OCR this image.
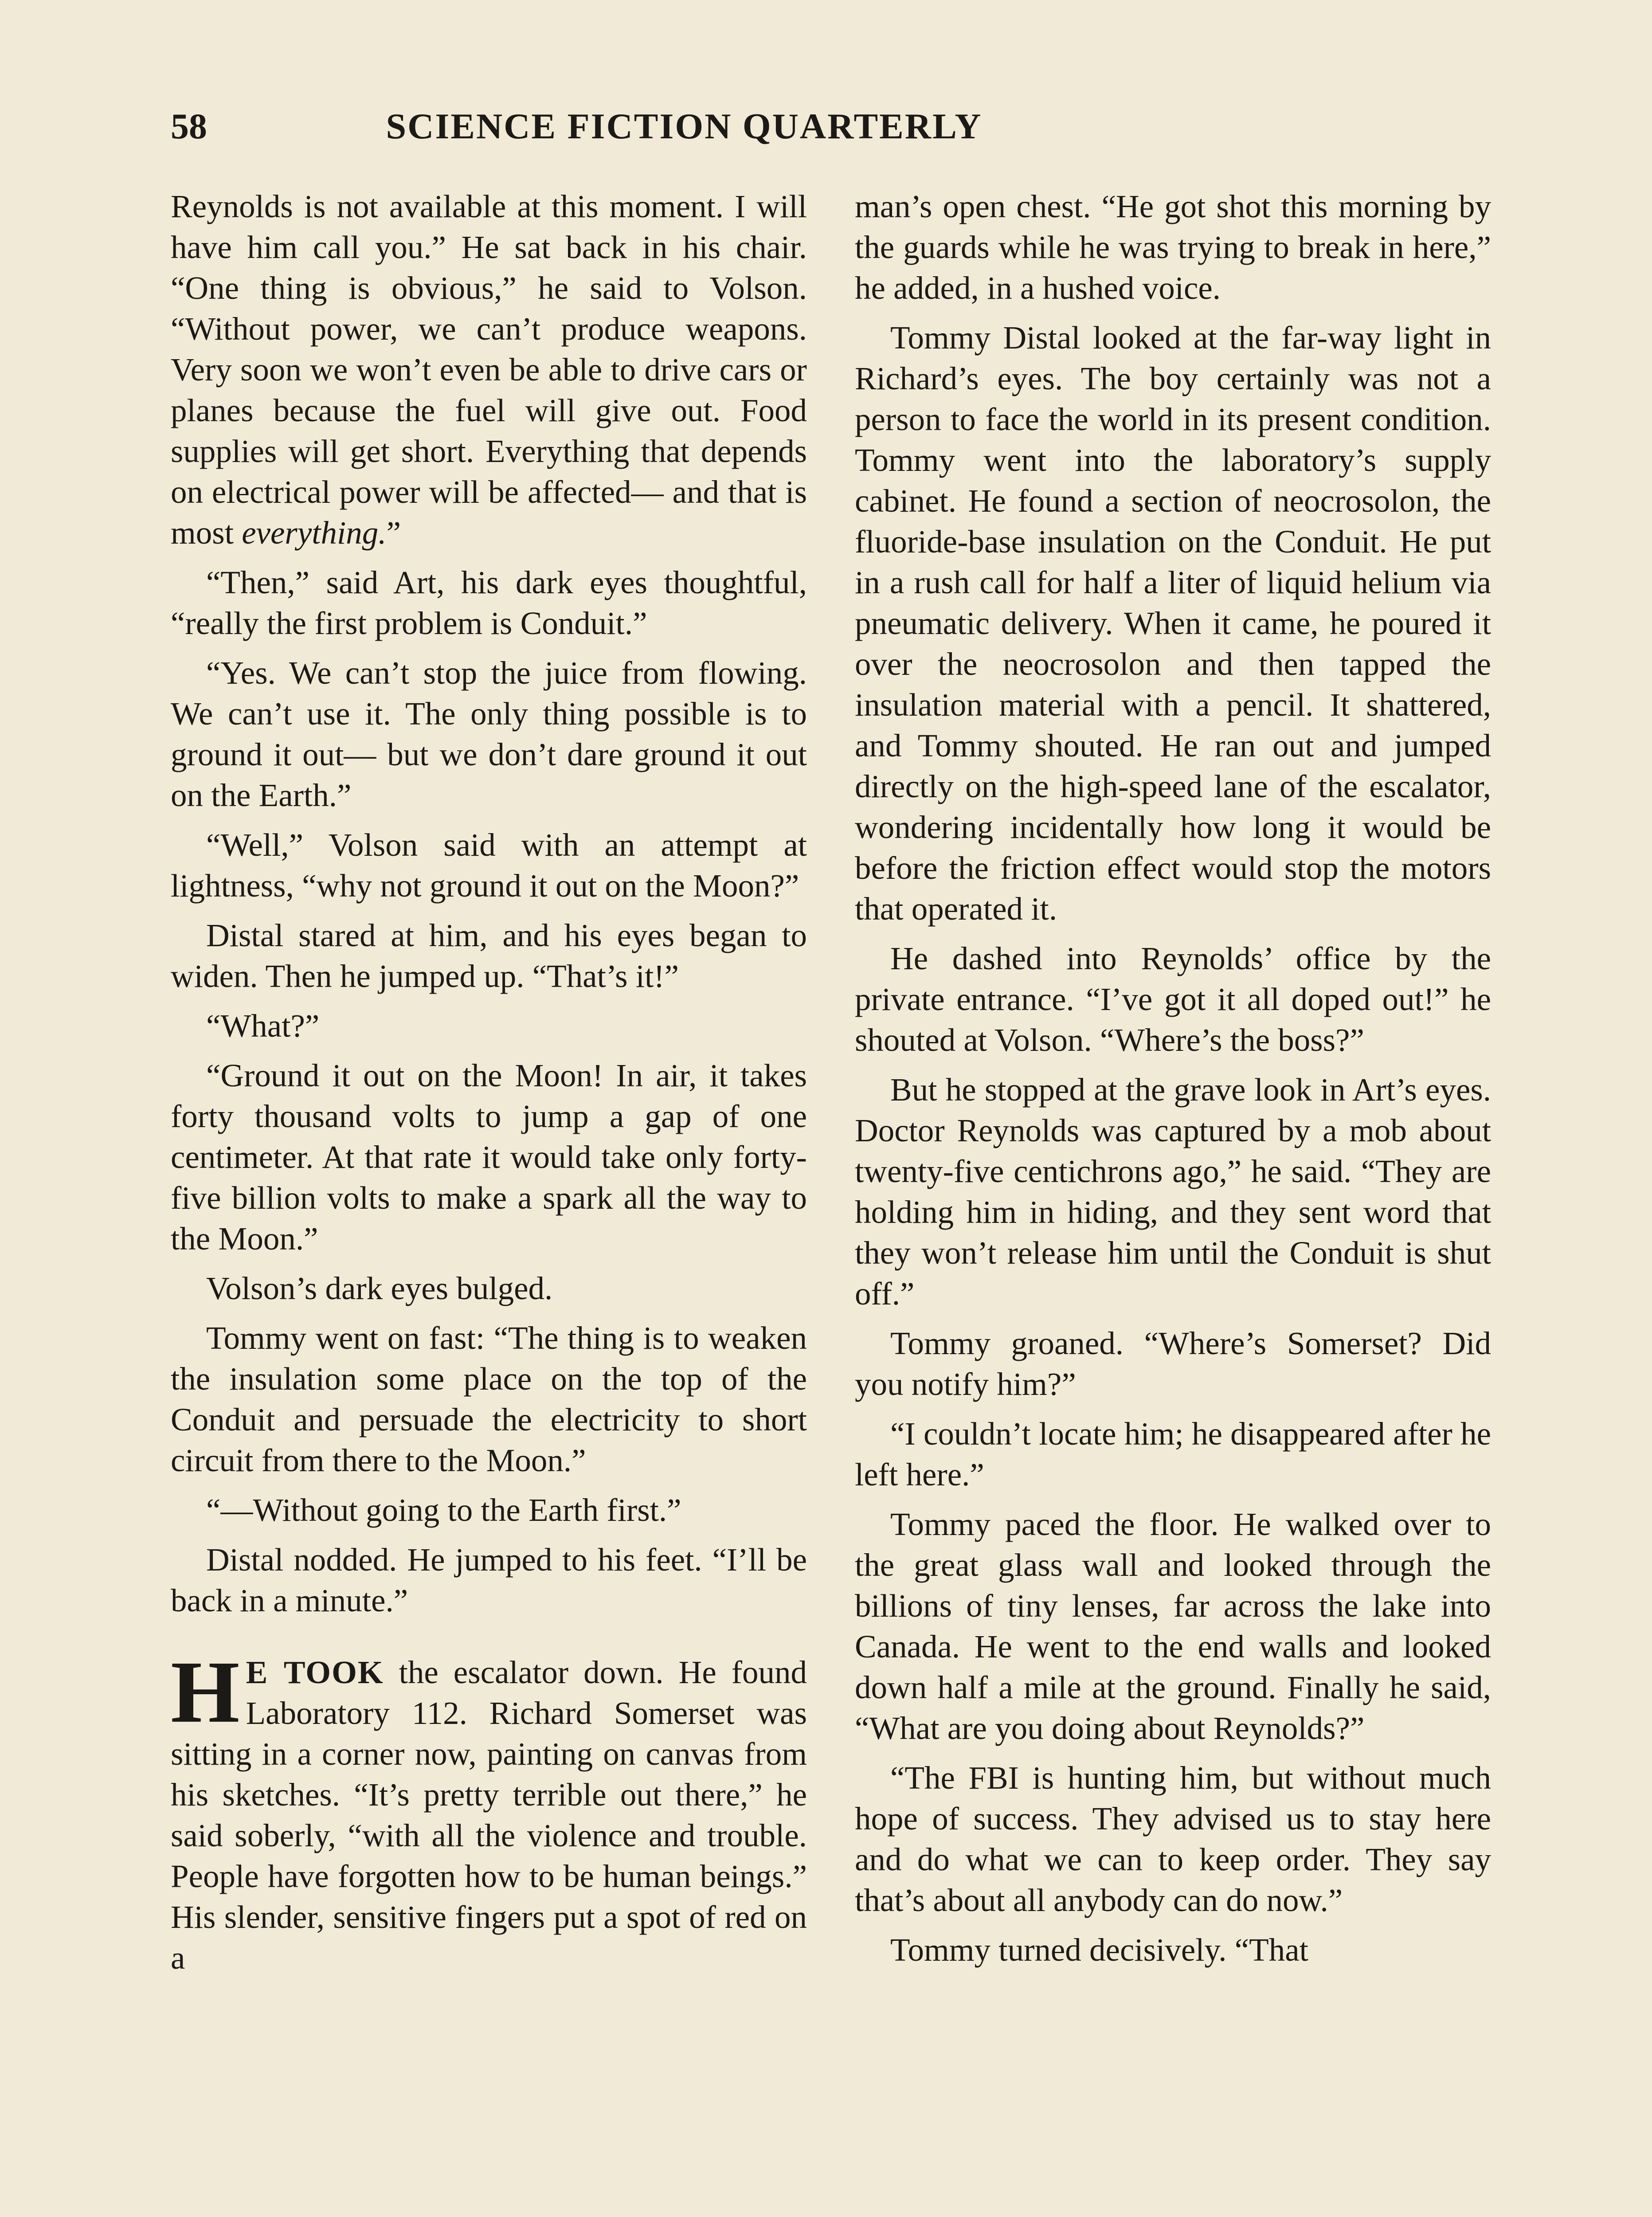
58	SCIENCE FICTION QUARTERLY

Reynolds is not available at this moment. I will have him call you.” He sat back in his chair. “One thing is obvious,” he said to Volson. “Without power, we can’t produce weapons. Very soon we won’t even be able to drive cars or planes because the fuel will give out. Food supplies will get short. Everything that depends on electrical power will be affected— and that is most everything.”

“Then,” said Art, his dark eyes thoughtful, “really the first problem is Conduit.”

“Yes. We can’t stop the juice from flowing. We can’t use it. The only thing possible is to ground it out— but we don’t dare ground it out on the Earth.”

“Well,” Volson said with an attempt at lightness, “why not ground it out on the Moon?”

Distal stared at him, and his eyes began to widen. Then he jumped up. “That’s it!”

“What?”

“Ground it out on the Moon! In air, it takes forty thousand volts to jump a gap of one centimeter. At that rate it would take only forty-five billion volts to make a spark all the way to the Moon.”

Volson’s dark eyes bulged.

Tommy went on fast: “The thing is to weaken the insulation some place on the top of the Conduit and persuade the electricity to short circuit from there to the Moon.”

“—Without going to the Earth first.”

Distal nodded. He jumped to his feet. “I’ll be back in a minute.”

H E TOOK the escalator down. He found Laboratory 112. Richard Somerset was sitting in a corner now, painting on canvas from his sketches. “It’s pretty terrible out there,” he said soberly, “with all the violence and trouble. People have forgotten how to be human beings.” His slender, sensitive fingers put a spot of red on a

man’s open chest. “He got shot this morning by the guards while he was trying to break in here,” he added, in a hushed voice.

Tommy Distal looked at the far-way light in Richard’s eyes. The boy certainly was not a person to face the world in its present condition. Tommy went into the laboratory’s supply cabinet. He found a section of neocrosolon, the fluoride-base insulation on the Conduit. He put in a rush call for half a liter of liquid helium via pneumatic delivery. When it came, he poured it over the neocrosolon and then tapped the insulation material with a pencil. It shattered, and Tommy shouted. He ran out and jumped directly on the high-speed lane of the escalator, wondering incidentally how long it would be before the friction effect would stop the motors that operated it.

He dashed into Reynolds’ office by the private entrance. “I’ve got it all doped out!” he shouted at Volson. “Where’s the boss?”

But he stopped at the grave look in Art’s eyes. Doctor Reynolds was captured by a mob about twenty-five centichrons ago,” he said. “They are holding him in hiding, and they sent word that they won’t release him until the Conduit is shut off.”

Tommy groaned. “Where’s Somerset? Did you notify him?”

“I couldn’t locate him; he disappeared after he left here.”

Tommy paced the floor. He walked over to the great glass wall and looked through the billions of tiny lenses, far across the lake into Canada. He went to the end walls and looked down half a mile at the ground. Finally he said, “What are you doing about Reynolds?”

“The FBI is hunting him, but without much hope of success. They advised us to stay here and do what we can to keep order. They say that’s about all anybody can do now.”

Tommy turned decisively. “That
